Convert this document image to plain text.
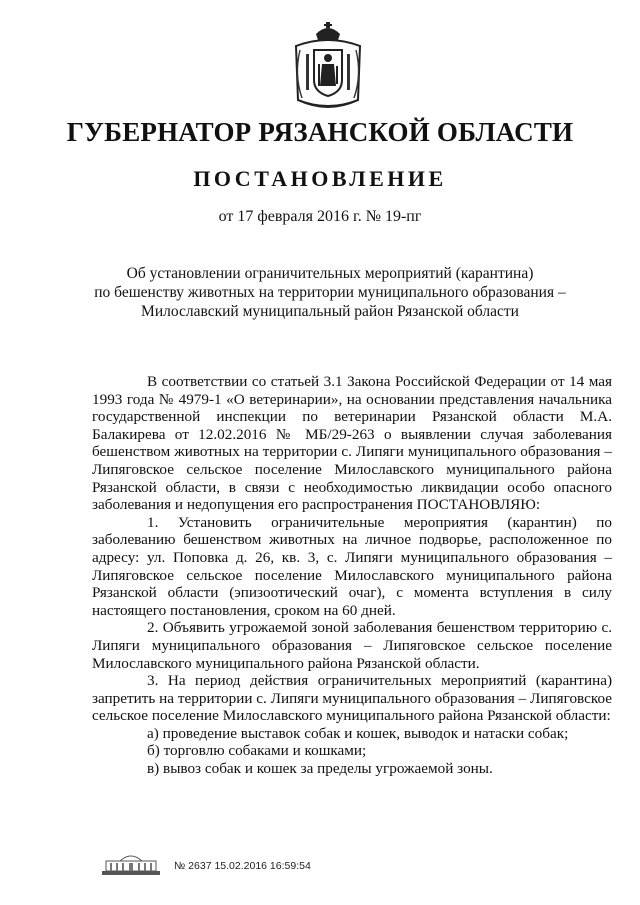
ГУБЕРНАТОР РЯЗАНСКОЙ ОБЛАСТИ
ПОСТАНОВЛЕНИЕ
от 17 февраля 2016 г. № 19-пг
Об установлении ограничительных мероприятий (карантина)
по бешенству животных на территории муниципального образования –
Милославский муниципальный район Рязанской области

В соответствии со статьей 3.1 Закона Российской Федерации от 14 мая 1993 года № 4979-1 «О ветеринарии», на основании представления начальника государственной инспекции по ветеринарии Рязанской области М.А. Балакирева от 12.02.2016 № МБ/29-263 о выявлении случая заболевания бешенством животных на территории с. Липяги муниципального образования – Липяговское сельское поселение Милославского муниципального района Рязанской области, в связи с необходимостью ликвидации особо опасного заболевания и недопущения его распространения ПОСТАНОВЛЯЮ:

1. Установить ограничительные мероприятия (карантин) по заболеванию бешенством животных на личное подворье, расположенное по адресу: ул. Поповка д. 26, кв. 3, с. Липяги муниципального образования – Липяговское сельское поселение Милославского муниципального района Рязанской области (эпизоотический очаг), с момента вступления в силу настоящего постановления, сроком на 60 дней.

2. Объявить угрожаемой зоной заболевания бешенством территорию с. Липяги муниципального образования – Липяговское сельское поселение Милославского муниципального района Рязанской области.

3. На период действия ограничительных мероприятий (карантина) запретить на территории с. Липяги муниципального образования – Липяговское сельское поселение Милославского муниципального района Рязанской области:

а) проведение выставок собак и кошек, выводок и натаски собак;

б) торговлю собаками и кошками;

в) вывоз собак и кошек за пределы угрожаемой зоны.

№ 2637 15.02.2016 16:59:54
